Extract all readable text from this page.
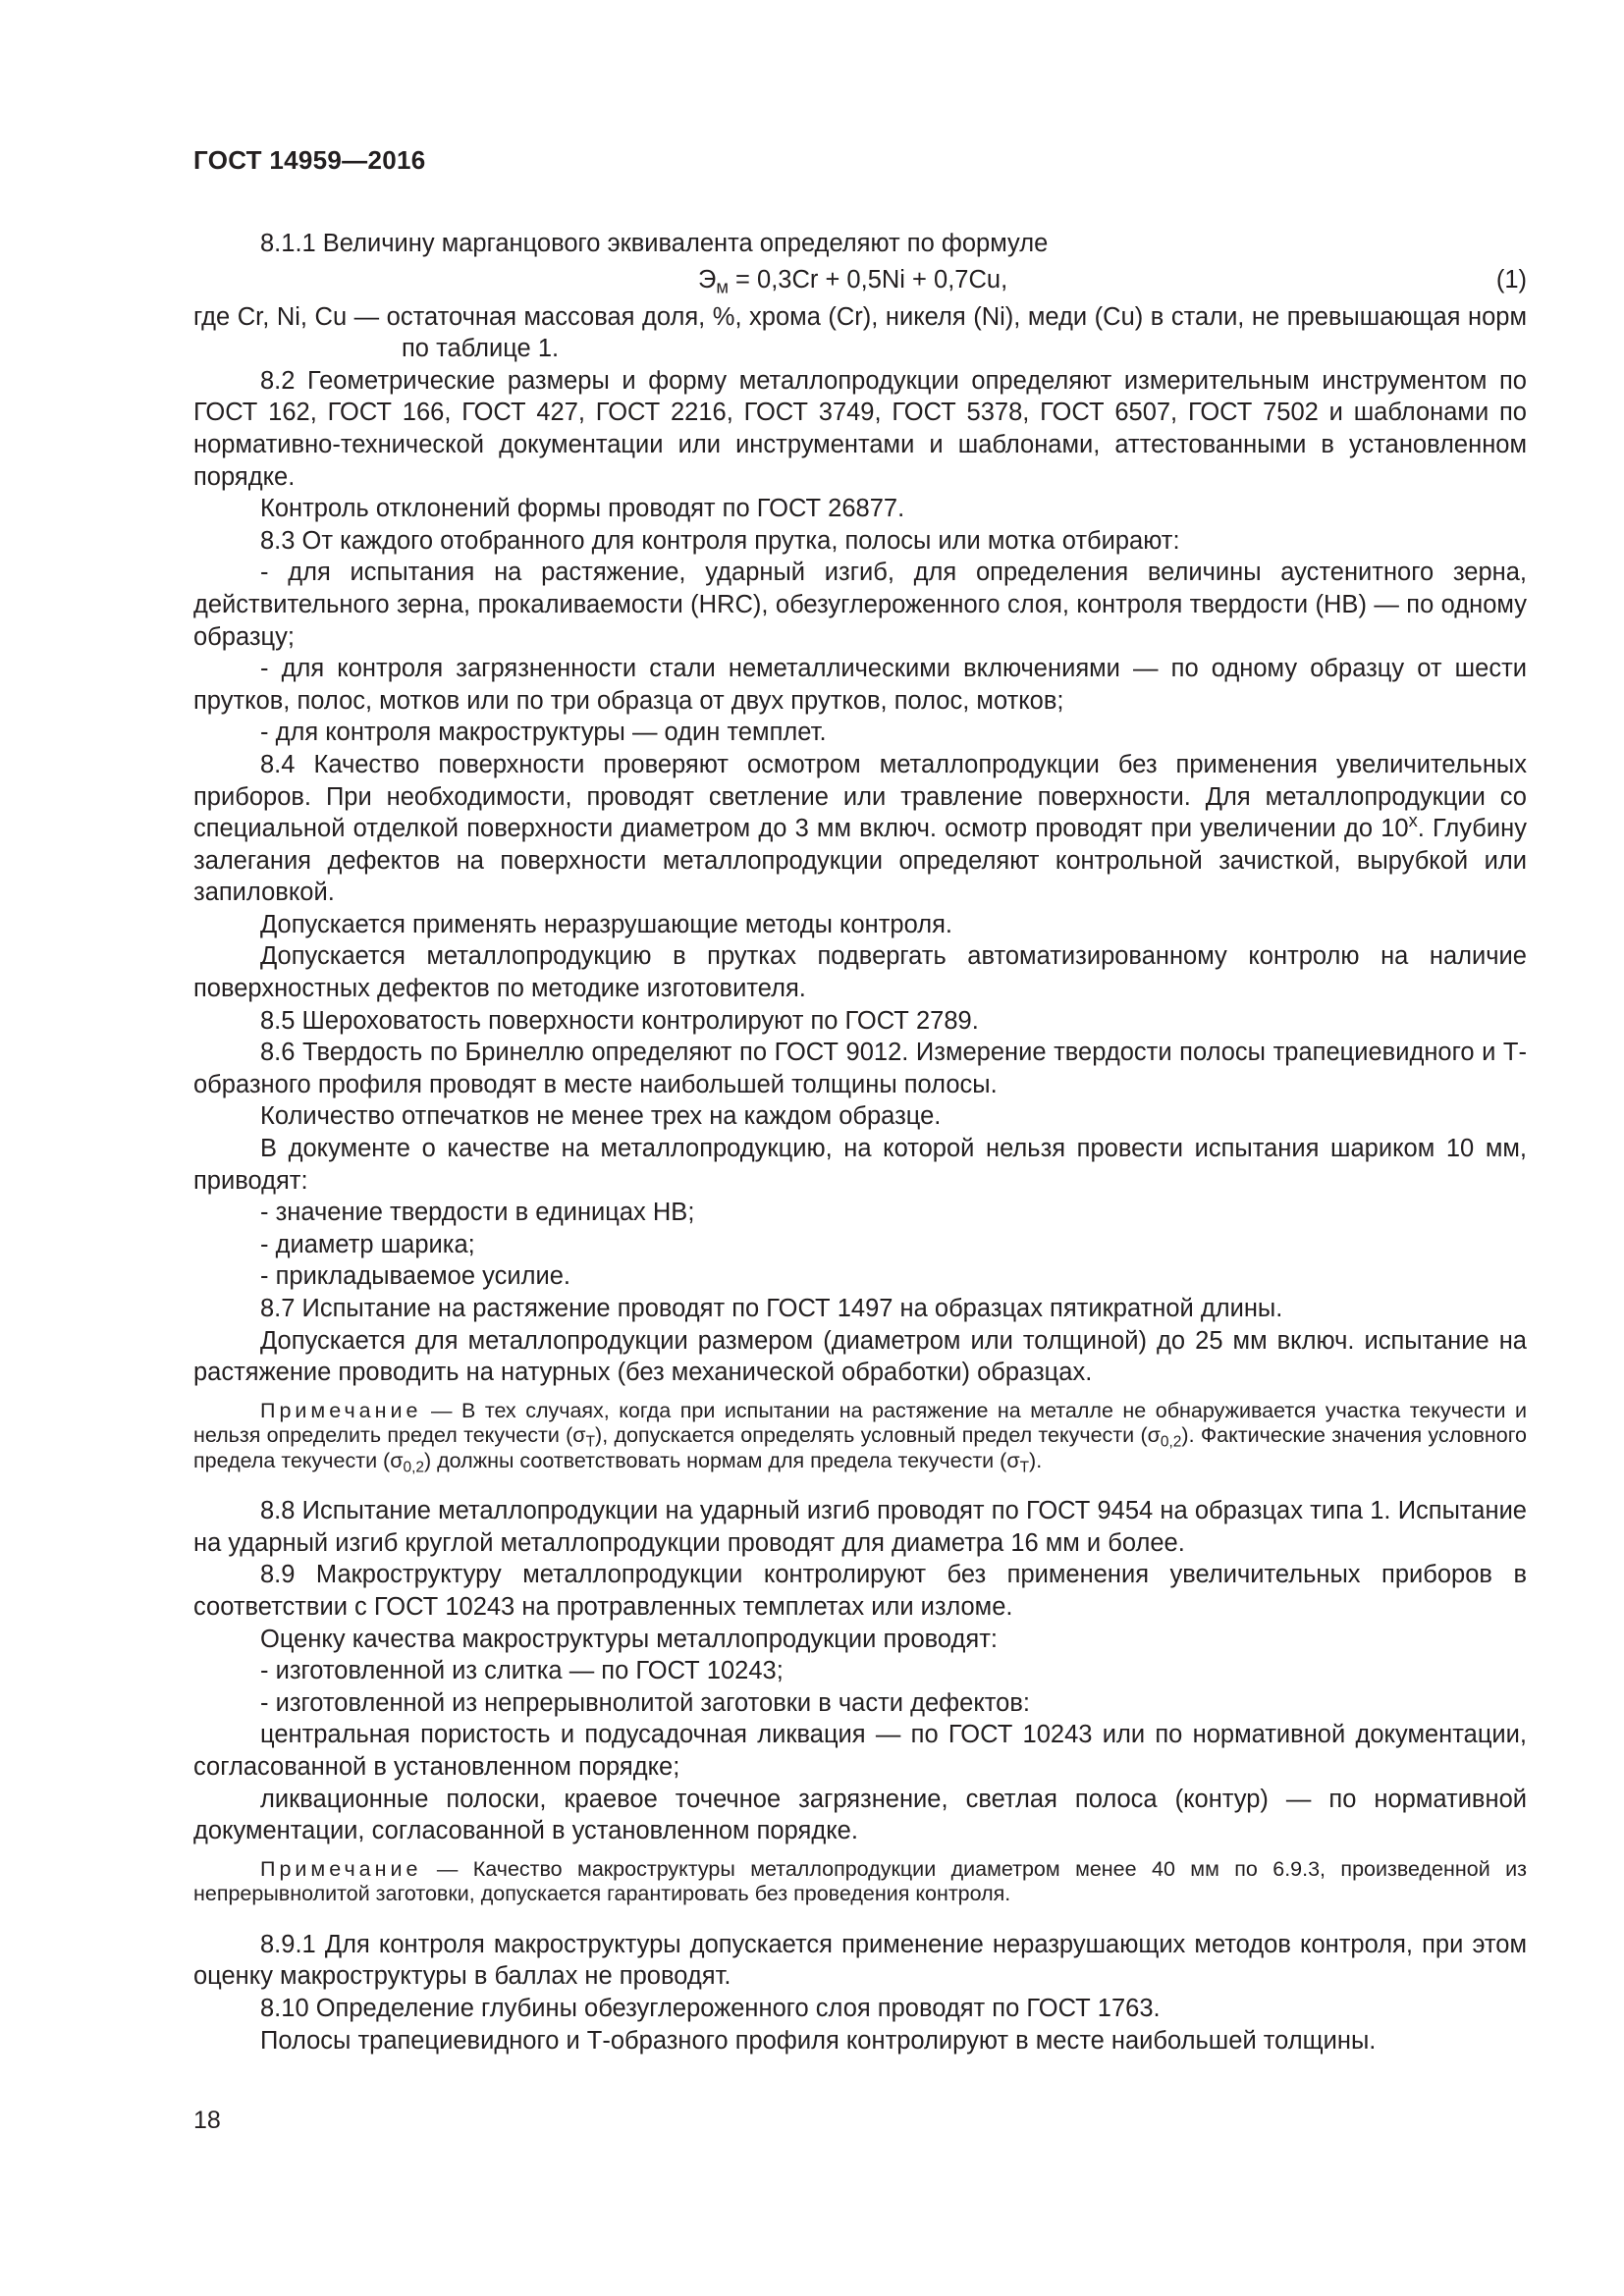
ГОСТ 14959—2016

8.1.1 Величину марганцового эквивалента определяют по формуле

$Э_м = 0,3Cr + 0,5Ni + 0,7Cu$,	(1)

где Cr, Ni, Cu — остаточная массовая доля, %, хрома (Cr), никеля (Ni), меди (Cu) в стали, не превышающая норм по таблице 1.

8.2 Геометрические размеры и форму металлопродукции определяют измерительным инструментом по ГОСТ 162, ГОСТ 166, ГОСТ 427, ГОСТ 2216, ГОСТ 3749, ГОСТ 5378, ГОСТ 6507, ГОСТ 7502 и шаблонами по нормативно-технической документации или инструментами и шаблонами, аттестованными в установленном порядке.

Контроль отклонений формы проводят по ГОСТ 26877.

8.3 От каждого отобранного для контроля прутка, полосы или мотка отбирают:

- для испытания на растяжение, ударный изгиб, для определения величины аустенитного зерна, действительного зерна, прокаливаемости (HRC), обезуглероженного слоя, контроля твердости (НВ) — по одному образцу;

- для контроля загрязненности стали неметаллическими включениями — по одному образцу от шести прутков, полос, мотков или по три образца от двух прутков, полос, мотков;

- для контроля макроструктуры — один темплет.

8.4 Качество поверхности проверяют осмотром металлопродукции без применения увеличительных приборов. При необходимости, проводят светление или травление поверхности. Для металлопродукции со специальной отделкой поверхности диаметром до 3 мм включ. осмотр проводят при увеличении до 10$^x$. Глубину залегания дефектов на поверхности металлопродукции определяют контрольной зачисткой, вырубкой или запиловкой.

Допускается применять неразрушающие методы контроля.

Допускается металлопродукцию в прутках подвергать автоматизированному контролю на наличие поверхностных дефектов по методике изготовителя.

8.5 Шероховатость поверхности контролируют по ГОСТ 2789.

8.6 Твердость по Бринеллю определяют по ГОСТ 9012. Измерение твердости полосы трапециевидного и Т-образного профиля проводят в месте наибольшей толщины полосы.

Количество отпечатков не менее трех на каждом образце.

В документе о качестве на металлопродукцию, на которой нельзя провести испытания шариком 10 мм, приводят:

- значение твердости в единицах НВ;

- диаметр шарика;

- прикладываемое усилие.

8.7 Испытание на растяжение проводят по ГОСТ 1497 на образцах пятикратной длины.

Допускается для металлопродукции размером (диаметром или толщиной) до 25 мм включ. испытание на растяжение проводить на натурных (без механической обработки) образцах.

Примечание — В тех случаях, когда при испытании на растяжение на металле не обнаруживается участка текучести и нельзя определить предел текучести $(\sigma_T)$, допускается определять условный предел текучести $(\sigma_{0,2})$. Фактические значения условного предела текучести $(\sigma_{0,2})$ должны соответствовать нормам для предела текучести $(\sigma_T)$.

8.8 Испытание металлопродукции на ударный изгиб проводят по ГОСТ 9454 на образцах типа 1. Испытание на ударный изгиб круглой металлопродукции проводят для диаметра 16 мм и более.

8.9 Макроструктуру металлопродукции контролируют без применения увеличительных приборов в соответствии с ГОСТ 10243 на протравленных темплетах или изломе.

Оценку качества макроструктуры металлопродукции проводят:

- изготовленной из слитка — по ГОСТ 10243;

- изготовленной из непрерывнолитой заготовки в части дефектов:

центральная пористость и подусадочная ликвация — по ГОСТ 10243 или по нормативной документации, согласованной в установленном порядке;

ликвационные полоски, краевое точечное загрязнение, светлая полоса (контур) — по нормативной документации, согласованной в установленном порядке.

Примечание — Качество макроструктуры металлопродукции диаметром менее 40 мм по 6.9.3, произведенной из непрерывнолитой заготовки, допускается гарантировать без проведения контроля.

8.9.1 Для контроля макроструктуры допускается применение неразрушающих методов контроля, при этом оценку макроструктуры в баллах не проводят.

8.10 Определение глубины обезуглероженного слоя проводят по ГОСТ 1763.

Полосы трапециевидного и Т-образного профиля контролируют в месте наибольшей толщины.

18
